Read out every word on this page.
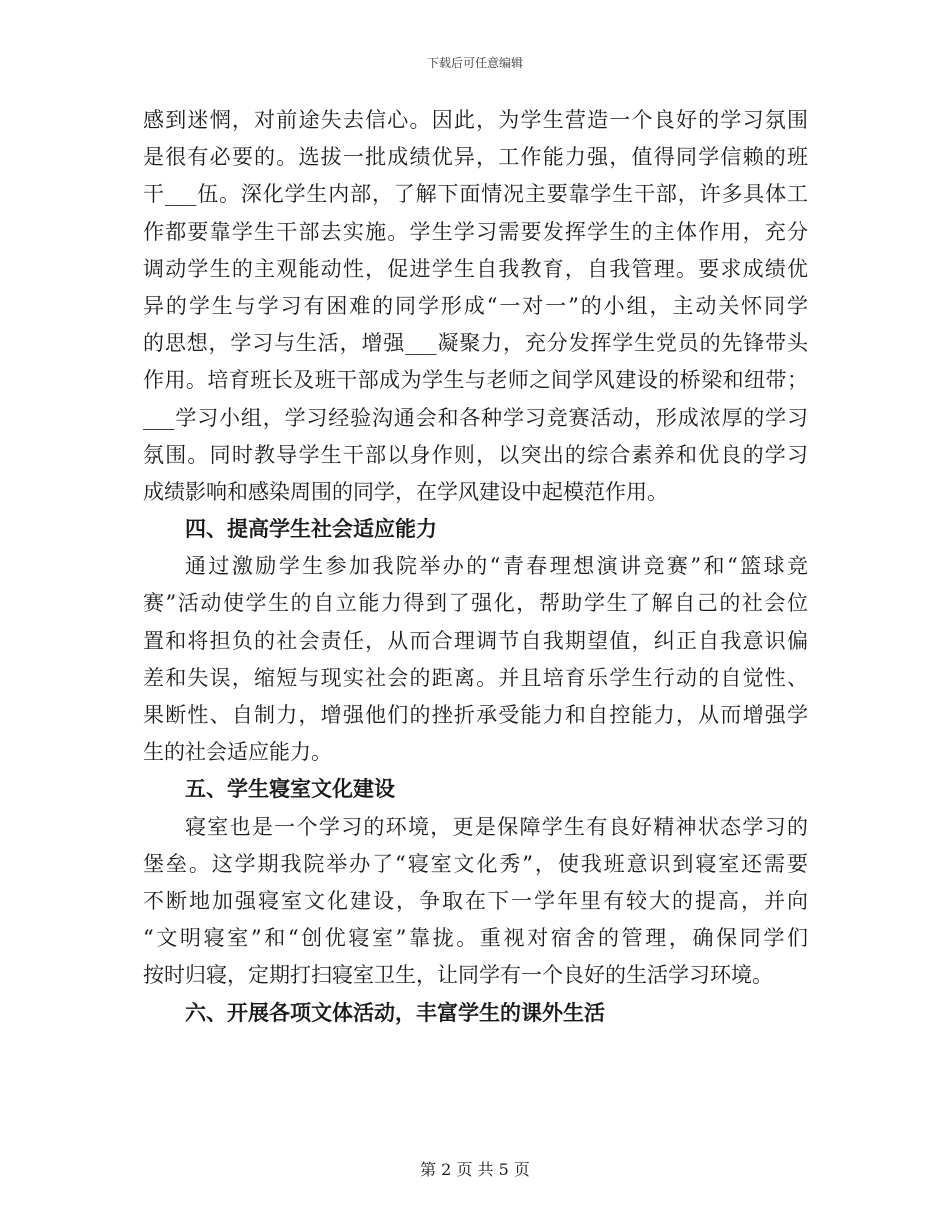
下载后可任意编辑
感到迷惘，对前途失去信心。因此，为学生营造一个良好的学习氛围
是很有必要的。选拔一批成绩优异，工作能力强，值得同学信赖的班
干___伍。深化学生内部，了解下面情况主要靠学生干部，许多具体工
作都要靠学生干部去实施。学生学习需要发挥学生的主体作用，充分
调动学生的主观能动性，促进学生自我教育，自我管理。要求成绩优
异的学生与学习有困难的同学形成“一对一”的小组，主动关怀同学
的思想，学习与生活，增强___凝聚力，充分发挥学生党员的先锋带头
作用。培育班长及班干部成为学生与老师之间学风建设的桥梁和纽带；
___学习小组，学习经验沟通会和各种学习竞赛活动，形成浓厚的学习
氛围。同时教导学生干部以身作则，以突出的综合素养和优良的学习
成绩影响和感染周围的同学，在学风建设中起模范作用。
四、提高学生社会适应能力
通过激励学生参加我院举办的“青春理想演讲竞赛”和“篮球竞
赛”活动使学生的自立能力得到了强化，帮助学生了解自己的社会位
置和将担负的社会责任，从而合理调节自我期望值，纠正自我意识偏
差和失误，缩短与现实社会的距离。并且培育乐学生行动的自觉性、
果断性、自制力，增强他们的挫折承受能力和自控能力，从而增强学
生的社会适应能力。
五、学生寝室文化建设
寝室也是一个学习的环境，更是保障学生有良好精神状态学习的
堡垒。这学期我院举办了“寝室文化秀”，使我班意识到寝室还需要
不断地加强寝室文化建设，争取在下一学年里有较大的提高，并向
“文明寝室”和“创优寝室”靠拢。重视对宿舍的管理，确保同学们
按时归寝，定期打扫寝室卫生，让同学有一个良好的生活学习环境。
六、开展各项文体活动，丰富学生的课外生活
第 2 页 共 5 页
